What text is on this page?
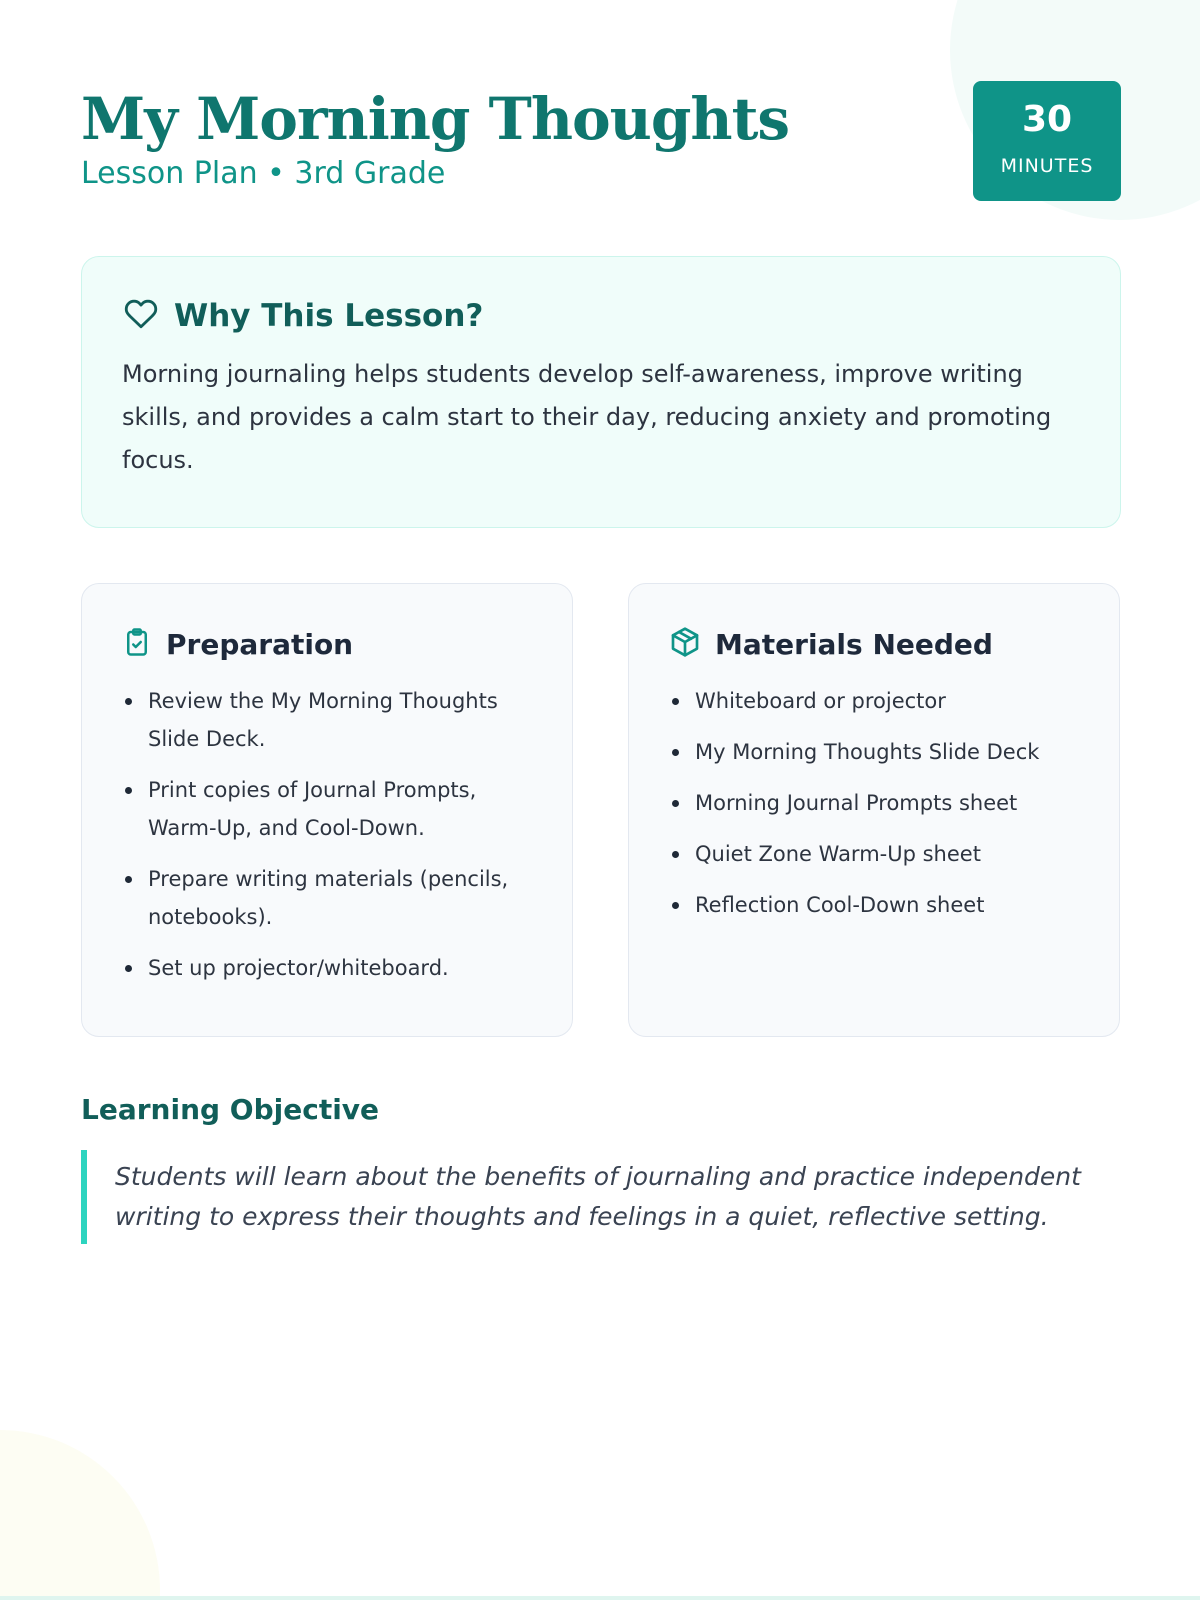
My Morning Thoughts
Lesson Plan • 3rd Grade
30
MINUTES
Why This Lesson?

Morning journaling helps students develop self-awareness, improve writing skills, and provides a calm start to their day, reducing anxiety and promoting focus.

Preparation
Review the My Morning Thoughts Slide Deck.
Print copies of Journal Prompts, Warm-Up, and Cool-Down.
Prepare writing materials (pencils, notebooks).
Set up projector/whiteboard.
Materials Needed
Whiteboard or projector
My Morning Thoughts Slide Deck
Morning Journal Prompts sheet
Quiet Zone Warm-Up sheet
Reflection Cool-Down sheet
Learning Objective
Students will learn about the benefits of journaling and practice independent writing to express their thoughts and feelings in a quiet, reflective setting.
